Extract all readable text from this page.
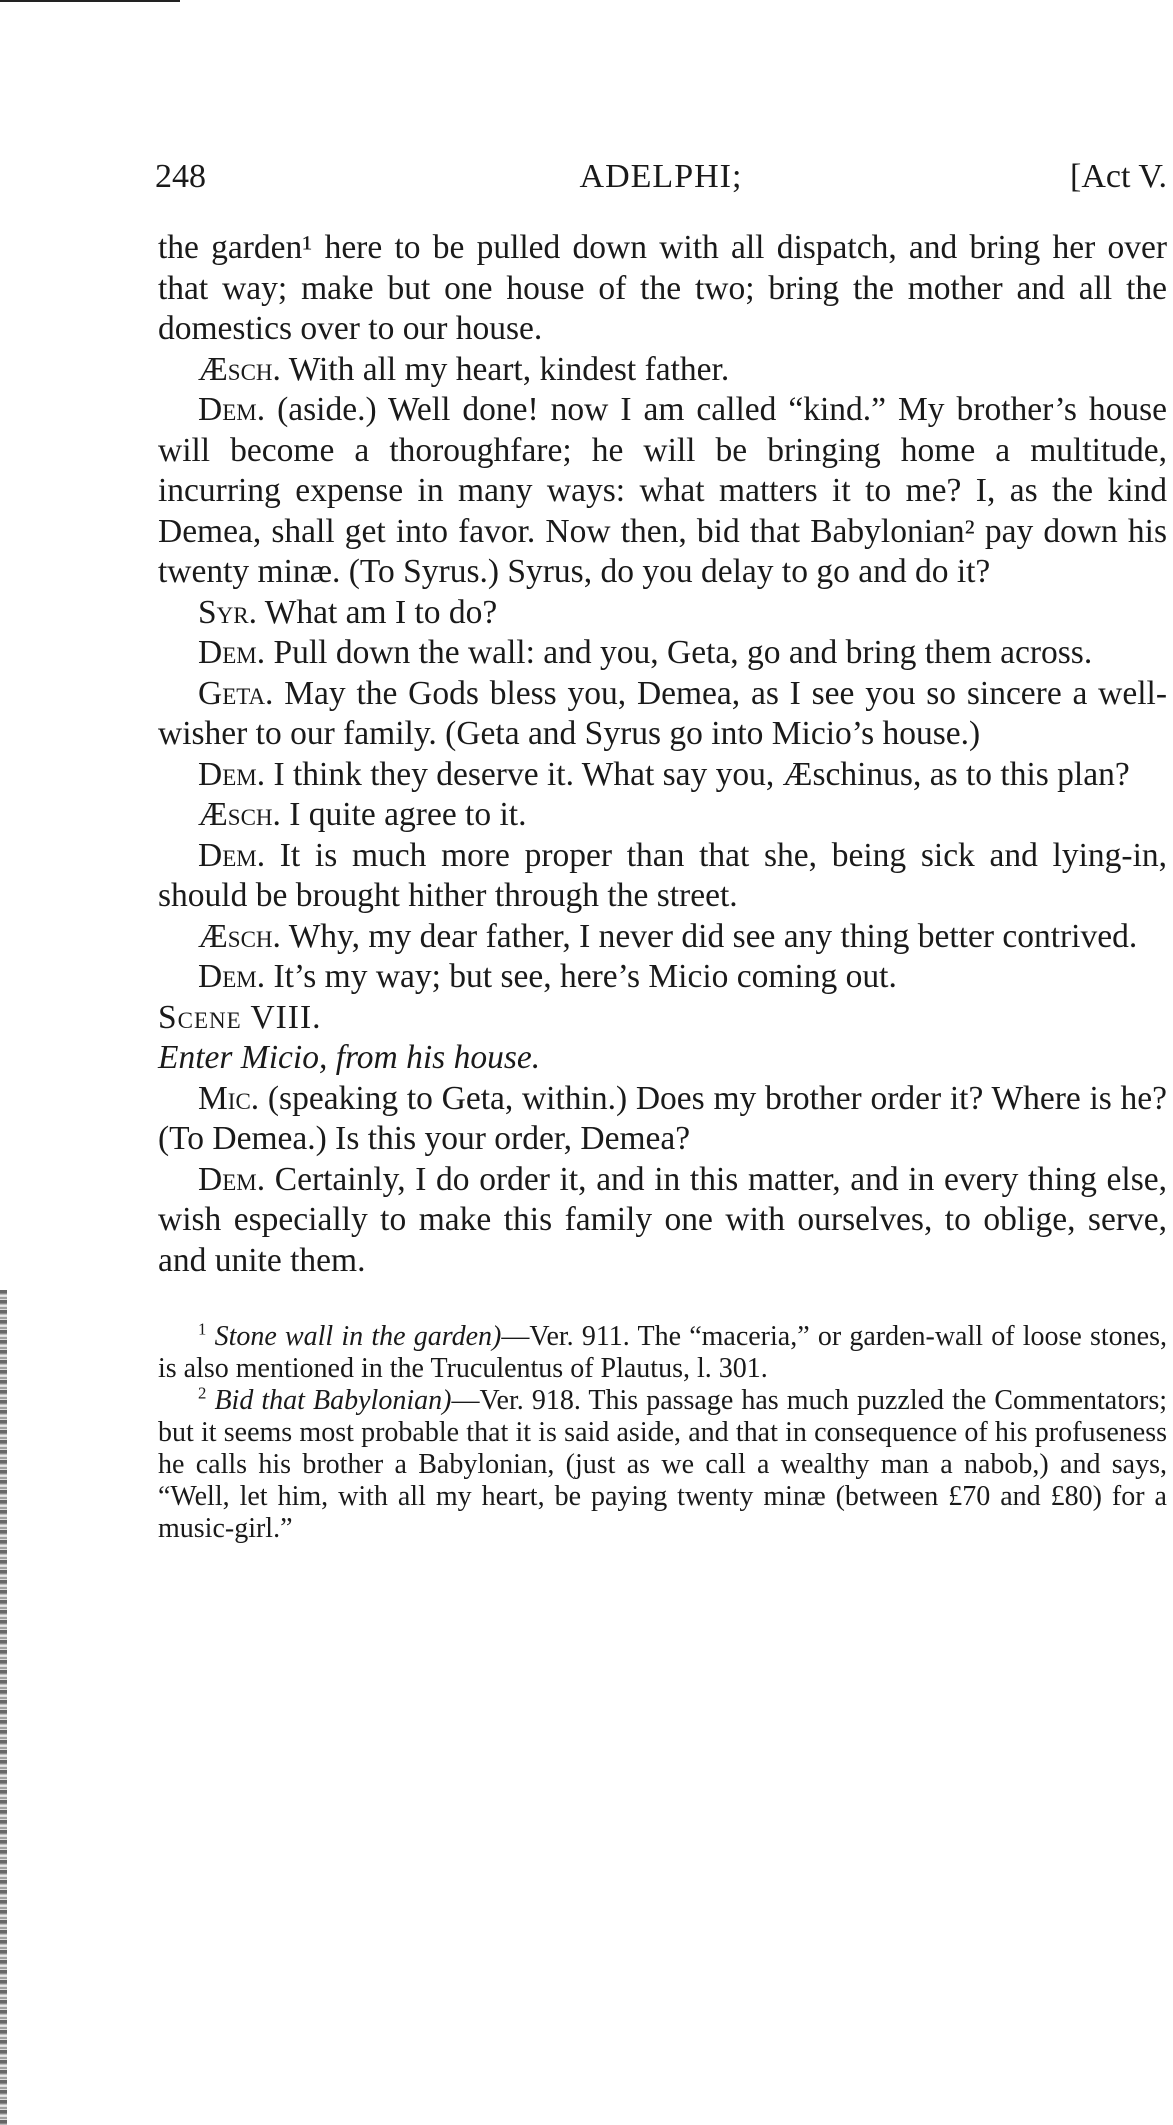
248	ADELPHI;	[Act V.

the garden¹ here to be pulled down with all dispatch, and bring her over that way; make but one house of the two; bring the mother and all the domestics over to our house.

Æsch. With all my heart, kindest father.

Dem. (aside.) Well done! now I am called “kind.” My brother’s house will become a thoroughfare; he will be bringing home a multitude, incurring expense in many ways: what matters it to me? I, as the kind Demea, shall get into favor. Now then, bid that Babylonian² pay down his twenty minæ. (To Syrus.) Syrus, do you delay to go and do it?

Syr. What am I to do?

Dem. Pull down the wall: and you, Geta, go and bring them across.

Geta. May the Gods bless you, Demea, as I see you so sincere a well-wisher to our family. (Geta and Syrus go into Micio’s house.)

Dem. I think they deserve it. What say you, Æschinus, as to this plan?

Æsch. I quite agree to it.

Dem. It is much more proper than that she, being sick and lying-in, should be brought hither through the street.

Æsch. Why, my dear father, I never did see any thing better contrived.

Dem. It’s my way; but see, here’s Micio coming out.

Scene VIII.

Enter Micio, from his house.

Mic. (speaking to Geta, within.) Does my brother order it? Where is he? (To Demea.) Is this your order, Demea?

Dem. Certainly, I do order it, and in this matter, and in every thing else, wish especially to make this family one with ourselves, to oblige, serve, and unite them.

$^1$ Stone wall in the garden)—Ver. 911. The “maceria,” or garden-wall of loose stones, is also mentioned in the Truculentus of Plautus, l. 301.

$^2$ Bid that Babylonian)—Ver. 918. This passage has much puzzled the Commentators; but it seems most probable that it is said aside, and that in consequence of his profuseness he calls his brother a Babylonian, (just as we call a wealthy man a nabob,) and says, “Well, let him, with all my heart, be paying twenty minæ (between £70 and £80) for a music-girl.”
